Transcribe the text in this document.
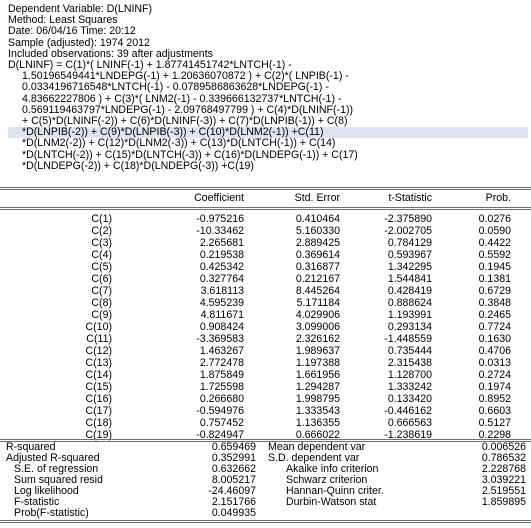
Dependent Variable: D(LNINF)
Method: Least Squares
Date: 06/04/16 Time: 20:12
Sample (adjusted): 1974 2012
Included observations: 39 after adjustments
D(LNINF) = C(1)*( LNINF(-1) + 1.87741451742*LNTCH(-1) -
1.50196549441*LNDEPG(-1) + 1.20636070872 ) + C(2)*( LNPIB(-1) -
0.0334196716548*LNTCH(-1) - 0.0789586863628*LNDEPG(-1) -
4.83662227806 ) + C(3)*( LNM2(-1) - 0.339666132737*LNTCH(-1) -
0.569119463797*LNDEPG(-1) - 2.09768497799 ) + C(4)*D(LNINF(-1))
+ C(5)*D(LNINF(-2)) + C(6)*D(LNINF(-3)) + C(7)*D(LNPIB(-1)) + C(8)
*D(LNPIB(-2)) + C(9)*D(LNPIB(-3)) + C(10)*D(LNM2(-1)) +C(11)
*D(LNM2(-2)) + C(12)*D(LNM2(-3)) + C(13)*D(LNTCH(-1)) + C(14)
*D(LNTCH(-2)) + C(15)*D(LNTCH(-3)) + C(16)*D(LNDEPG(-1)) + C(17)
*D(LNDEPG(-2)) + C(18)*D(LNDEPG(-3)) +C(19)
Coefficient	Std. Error	t-Statistic	Prob.
C(1)	-0.975216	0.410464	-2.375890	0.0276
C(2)	-10.33462	5.160330	-2.002705	0.0590
C(3)	2.265681	2.889425	0.784129	0.4422
C(4)	0.219538	0.369614	0.593967	0.5592
C(5)	0.425342	0.316877	1.342295	0.1945
C(6)	0.327764	0.212167	1.544841	0.1381
C(7)	3.618113	8.445264	0.428419	0.6729
C(8)	4.595239	5.171184	0.888624	0.3848
C(9)	4.811671	4.029906	1.193991	0.2465
C(10)	0.908424	3.099006	0.293134	0.7724
C(11)	-3.369583	2.326162	-1.448559	0.1630
C(12)	1.463267	1.989637	0.735444	0.4706
C(13)	2.772478	1.197388	2.315438	0.0313
C(14)	1.875849	1.661956	1.128700	0.2724
C(15)	1.725598	1.294287	1.333242	0.1974
C(16)	0.266680	1.998795	0.133420	0.8952
C(17)	-0.594976	1.333543	-0.446162	0.6603
C(18)	0.757452	1.136355	0.666563	0.5127
C(19)	-0.824947	0.666022	-1.238619	0.2298
R-squared	0.659469 Mean dependent var	0.006526
Adjusted R-squared	0.352991 S.D. dependent var	0.786532
S.E. of regression	0.632662	Akaike info criterion	2.228768
Sum squared resid	8.005217	Schwarz criterion	3.039221
Log likelihood	-24.46097	Hannan-Quinn criter.	2.519551
F-statistic	2.151766	Durbin-Watson stat	1.859895
Prob(F-statistic)	0.049935
